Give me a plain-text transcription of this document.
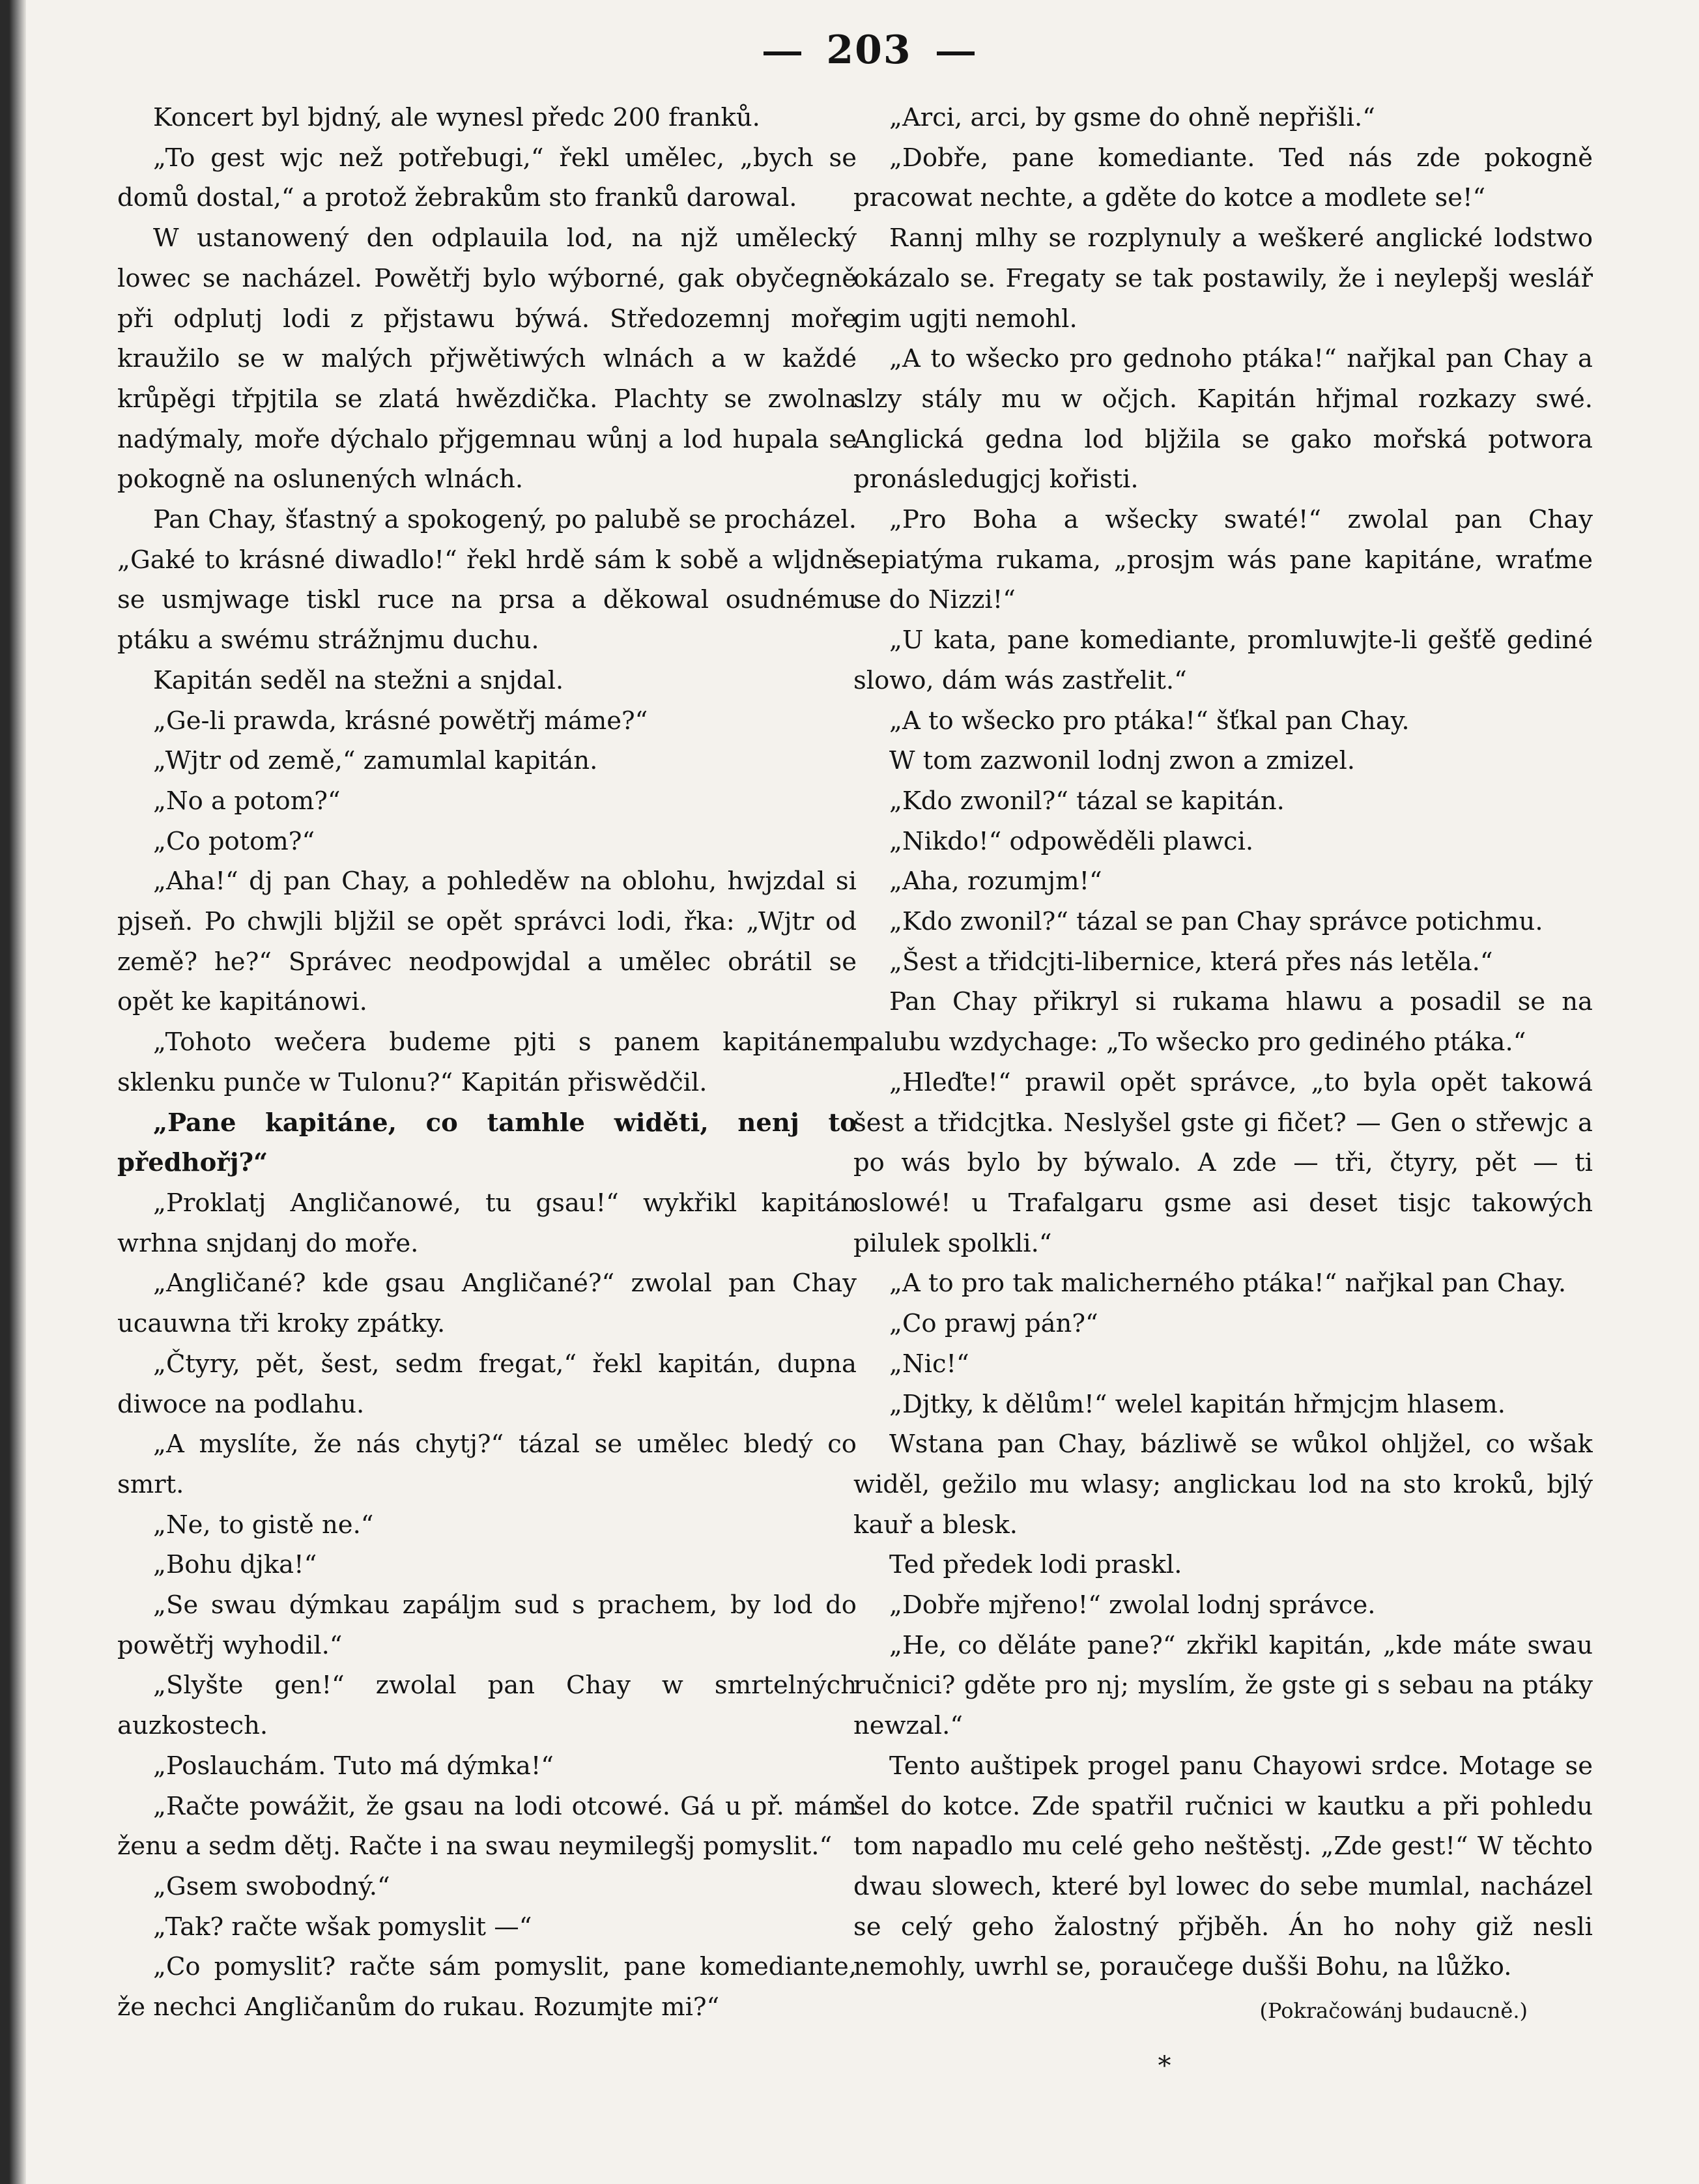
203

Koncert byl bjdný, ale wynesl předc 200 franků.

„To gest wjc než potřebugi,“ řekl umělec, „bych se domů dostal,“ a protož žebrakům sto franků darowal.

W ustanowený den odplauila lod, na njž umělecký lowec se nacházel. Powětřj bylo wýborné, gak obyčegně při odplutj lodi z přjstawu býwá. Středozemnj moře kraužilo se w malých přjwětiwých wlnách a w každé krůpěgi třpjtila se zlatá hwězdička. Plachty se zwolna nadýmaly, moře dýchalo přjgemnau wůnj a lod hupala se pokogně na oslunených wlnách.

Pan Chay, šťastný a spokogený, po palubě se procházel. „Gaké to krásné diwadlo!“ řekl hrdě sám k sobě a wljdně se usmjwage tiskl ruce na prsa a děkowal osudnému ptáku a swému strážnjmu duchu.

Kapitán seděl na stežni a snjdal.

„Ge-li prawda, krásné powětřj máme?“

„Wjtr od země,“ zamumlal kapitán.

„No a potom?“

„Co potom?“

„Aha!“ dj pan Chay, a pohleděw na oblohu, hwjzdal si pjseň. Po chwjli bljžil se opět správci lodi, řka: „Wjtr od země? he?“ Správec neodpowjdal a umělec obrátil se opět ke kapitánowi.

„Tohoto wečera budeme pjti s panem kapitánem sklenku punče w Tulonu?“ Kapitán přiswědčil.

„Pane kapitáne, co tamhle widěti, nenj to předhořj?“

„Proklatj Angličanowé, tu gsau!“ wykřikl kapitán wrhna snjdanj do moře.

„Angličané? kde gsau Angličané?“ zwolal pan Chay ucauwna tři kroky zpátky.

„Čtyry, pět, šest, sedm fregat,“ řekl kapitán, dupna diwoce na podlahu.

„A myslíte, že nás chytj?“ tázal se umělec bledý co smrt.

„Ne, to gistě ne.“

„Bohu djka!“

„Se swau dýmkau zapáljm sud s prachem, by lod do powětřj wyhodil.“

„Slyšte gen!“ zwolal pan Chay w smrtelných auzkostech.

„Poslauchám. Tuto má dýmka!“

„Račte powážit, že gsau na lodi otcowé. Gá u př. mám ženu a sedm dětj. Račte i na swau neymilegšj pomyslit.“

„Gsem swobodný.“

„Tak? račte wšak pomyslit —“

„Co pomyslit? račte sám pomyslit, pane komediante, že nechci Angličanům do rukau. Rozumjte mi?“

„Arci, arci, by gsme do ohně nepřišli.“

„Dobře, pane komediante. Ted nás zde pokogně pracowat nechte, a gděte do kotce a modlete se!“

Rannj mlhy se rozplynuly a weškeré anglické lodstwo okázalo se. Fregaty se tak postawily, že i neylepšj weslář gim ugjti nemohl.

„A to wšecko pro gednoho ptáka!“ nařjkal pan Chay a slzy stály mu w očjch. Kapitán hřjmal rozkazy swé. Anglická gedna lod bljžila se gako mořská potwora pronásledugjcj kořisti.

„Pro Boha a wšecky swaté!“ zwolal pan Chay sepiatýma rukama, „prosjm wás pane kapitáne, wraťme se do Nizzi!“

„U kata, pane komediante, promluwjte-li gešťě gediné slowo, dám wás zastřelit.“

„A to wšecko pro ptáka!“ šťkal pan Chay.

W tom zazwonil lodnj zwon a zmizel.

„Kdo zwonil?“ tázal se kapitán.

„Nikdo!“ odpowěděli plawci.

„Aha, rozumjm!“

„Kdo zwonil?“ tázal se pan Chay správce potichmu.

„Šest a třidcjti-libernice, která přes nás letěla.“

Pan Chay přikryl si rukama hlawu a posadil se na palubu wzdychage: „To wšecko pro gediného ptáka.“

„Hleďte!“ prawil opět správce, „to byla opět takowá šest a třidcjtka. Neslyšel gste gi fičet? — Gen o střewjc a po wás bylo by býwalo. A zde — tři, čtyry, pět — ti oslowé! u Trafalgaru gsme asi deset tisjc takowých pilulek spolkli.“

„A to pro tak malicherného ptáka!“ nařjkal pan Chay.

„Co prawj pán?“

„Nic!“

„Djtky, k dělům!“ welel kapitán hřmjcjm hlasem.

Wstana pan Chay, bázliwě se wůkol ohljžel, co wšak widěl, gežilo mu wlasy; anglickau lod na sto kroků, bjlý kauř a blesk.

Ted předek lodi praskl.

„Dobře mjřeno!“ zwolal lodnj správce.

„He, co děláte pane?“ zkřikl kapitán, „kde máte swau ručnici? gděte pro nj; myslím, že gste gi s sebau na ptáky newzal.“

Tento auštipek progel panu Chayowi srdce. Motage se šel do kotce. Zde spatřil ručnici w kautku a při pohledu tom napadlo mu celé geho neštěstj. „Zde gest!“ W těchto dwau slowech, které byl lowec do sebe mumlal, nacházel se celý geho žalostný přjběh. Án ho nohy giž nesli nemohly, uwrhl se, poraučege dušši Bohu, na lůžko.

(Pokračowánj budaucně.)

*
